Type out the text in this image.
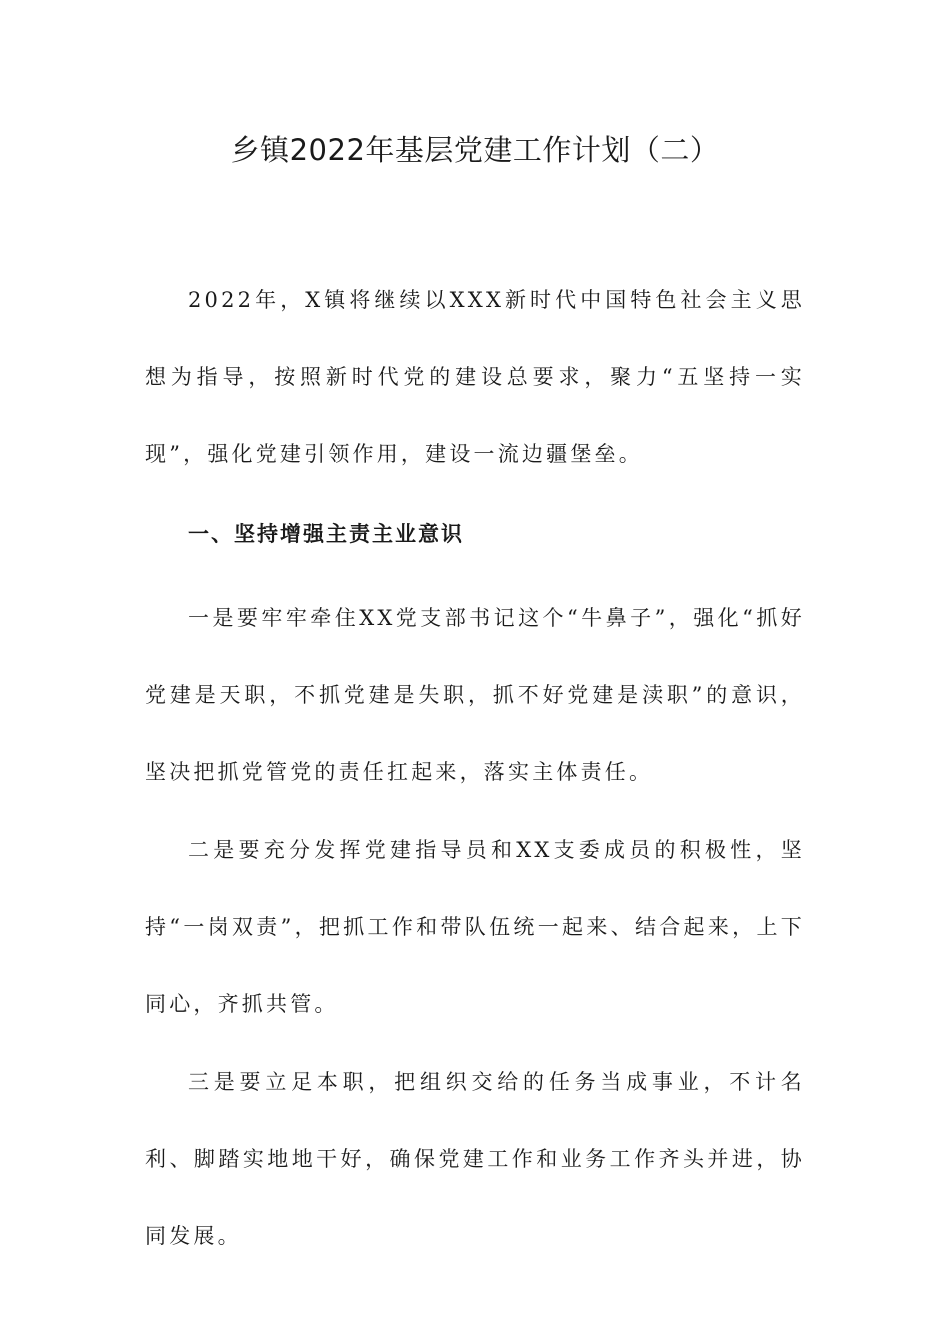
乡镇2022年基层党建工作计划（二）

2022年，X镇将继续以XXX新时代中国特色社会主义思想为指导，按照新时代党的建设总要求，聚力“五坚持一实现”，强化党建引领作用，建设一流边疆堡垒。

一、坚持增强主责主业意识

一是要牢牢牵住XX党支部书记这个“牛鼻子”，强化“抓好党建是天职，不抓党建是失职，抓不好党建是渎职”的意识，坚决把抓党管党的责任扛起来，落实主体责任。

二是要充分发挥党建指导员和XX支委成员的积极性，坚持“一岗双责”，把抓工作和带队伍统一起来、结合起来，上下同心，齐抓共管。

三是要立足本职，把组织交给的任务当成事业，不计名利、脚踏实地地干好，确保党建工作和业务工作齐头并进，协同发展。
